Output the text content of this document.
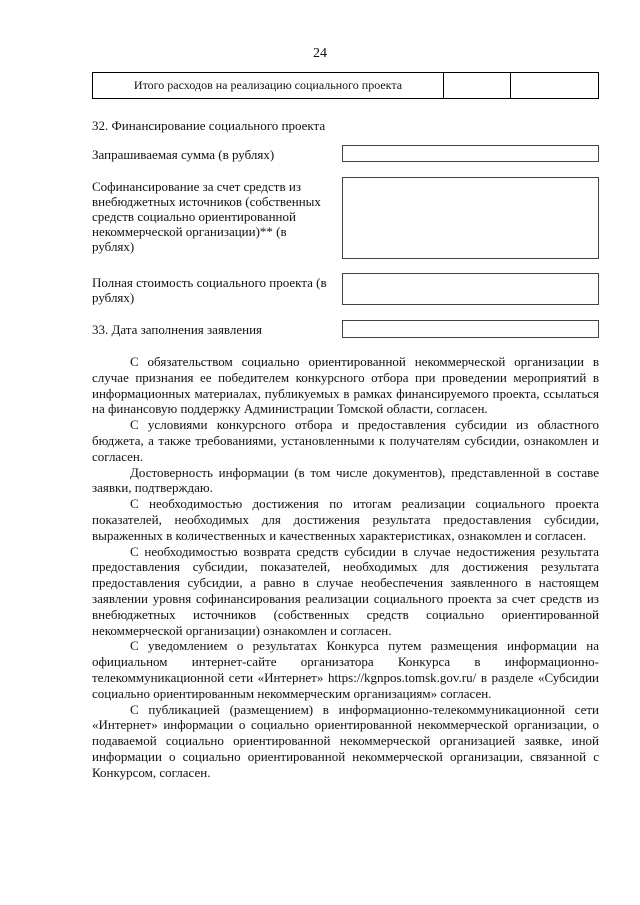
24
Итого расходов на реализацию социального проекта		
32. Финансирование социального проекта
Запрашиваемая сумма (в рублях)
Софинансирование за счет средств из внебюджетных источников (собственных средств социально ориентированной некоммерческой организации)** (в рублях)
Полная стоимость социального проекта (в рублях)
33. Дата заполнения заявления

С обязательством социально ориентированной некоммерческой организации в случае признания ее победителем конкурсного отбора при проведении мероприятий в информационных материалах, публикуемых в рамках финансируемого проекта, ссылаться на финансовую поддержку Администрации Томской области, согласен.

С условиями конкурсного отбора и предоставления субсидии из областного бюджета, а также требованиями, установленными к получателям субсидии, ознакомлен и согласен.

Достоверность информации (в том числе документов), представленной в составе заявки, подтверждаю.

С необходимостью достижения по итогам реализации социального проекта показателей, необходимых для достижения результата предоставления субсидии, выраженных в количественных и качественных характеристиках, ознакомлен и согласен.

С необходимостью возврата средств субсидии в случае недостижения результата предоставления субсидии, показателей, необходимых для достижения результата предоставления субсидии, а равно в случае необеспечения заявленного в настоящем заявлении уровня софинансирования реализации социального проекта за счет средств из внебюджетных источников (собственных средств социально ориентированной некоммерческой организации) ознакомлен и согласен.

С уведомлением о результатах Конкурса путем размещения информации на официальном интернет-сайте организатора Конкурса в информационно-телекоммуникационной сети «Интернет» https://kgnpos.tomsk.gov.ru/ в разделе «Субсидии социально ориентированным некоммерческим организациям» согласен.

С публикацией (размещением) в информационно-телекоммуникационной сети «Интернет» информации о социально ориентированной некоммерческой организации, о подаваемой социально ориентированной некоммерческой организацией заявке, иной информации о социально ориентированной некоммерческой организации, связанной с Конкурсом, согласен.
